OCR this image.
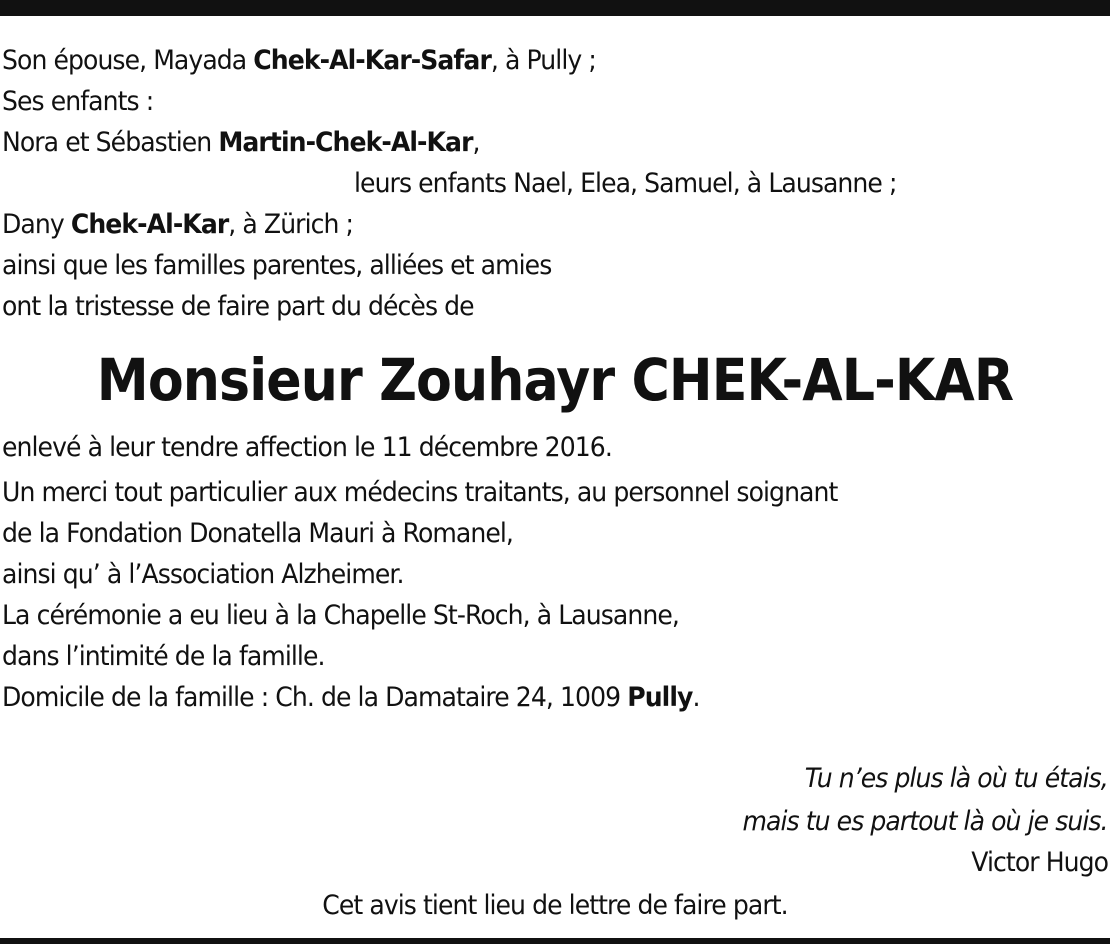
Son épouse, Mayada Chek-Al-Kar-Safar, à Pully ;
Ses enfants :
Nora et Sébastien Martin-Chek-Al-Kar,
leurs enfants Nael, Elea, Samuel, à Lausanne ;
Dany Chek-Al-Kar, à Zürich ;
ainsi que les familles parentes, alliées et amies
ont la tristesse de faire part du décès de
Monsieur Zouhayr CHEK-AL-KAR
enlevé à leur tendre affection le 11 décembre 2016.
Un merci tout particulier aux médecins traitants, au personnel soignant
de la Fondation Donatella Mauri à Romanel,
ainsi qu’ à l’Association Alzheimer.
La cérémonie a eu lieu à la Chapelle St-Roch, à Lausanne,
dans l’intimité de la famille.
Domicile de la famille : Ch. de la Damataire 24, 1009 Pully.
Tu n’es plus là où tu étais,
mais tu es partout là où je suis.
Victor Hugo
Cet avis tient lieu de lettre de faire part.
